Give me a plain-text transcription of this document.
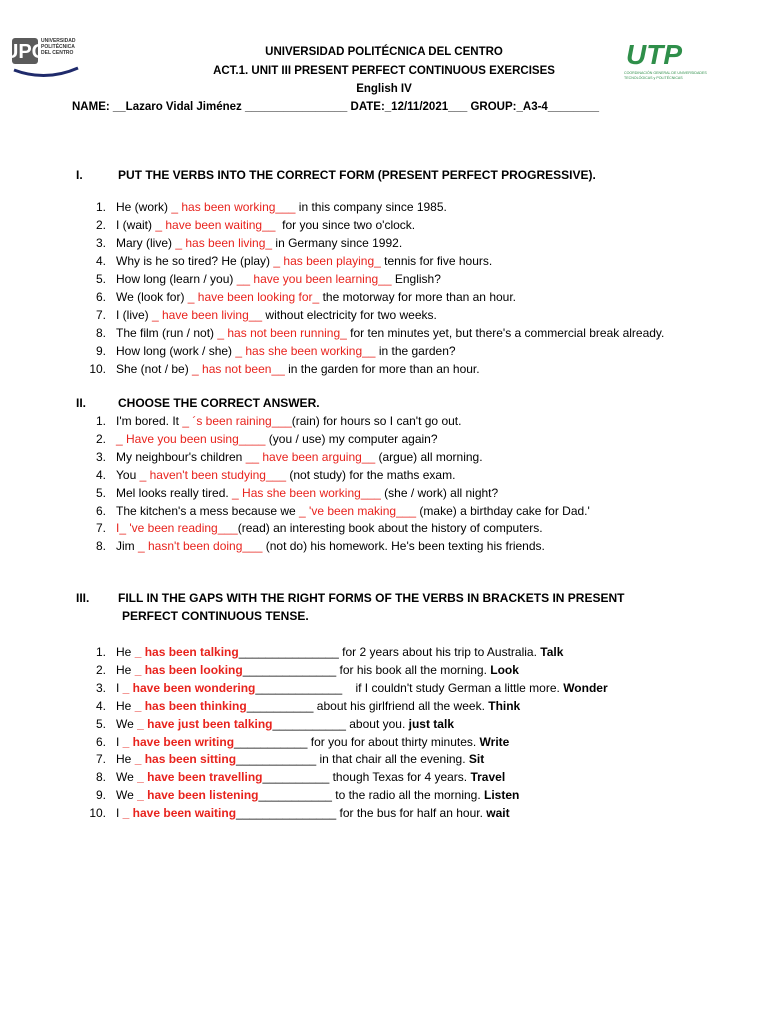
UPC
UNIVERSIDAD
POLITÉCNICA
DEL CENTRO	UTP
COORDINACIÓN GENERAL DE UNIVERSIDADES
TECNOLÓGICAS y POLITÉCNICAS
UNIVERSIDAD POLITÉCNICA DEL CENTRO
ACT.1. UNIT III PRESENT PERFECT CONTINUOUS EXERCISES
English IV
NAME: __Lazaro Vidal Jiménez ________________ DATE:_12/11/2021___ GROUP:_A3-4________
I.	PUT THE VERBS INTO THE CORRECT FORM (PRESENT PERFECT PROGRESSIVE).
1. He (work) _ has been working___ in this company since 1985.
2. I (wait) _ have been waiting__  for you since two o'clock.
3. Mary (live) _ has been living_ in Germany since 1992.
4. Why is he so tired? He (play) _ has been playing_ tennis for five hours.
5. How long (learn / you) __ have you been learning__ English?
6. We (look for) _ have been looking for_ the motorway for more than an hour.
7. I (live) _ have been living__ without electricity for two weeks.
8. The film (run / not) _ has not been running_ for ten minutes yet, but there's a commercial break already.
9. How long (work / she) _ has she been working__ in the garden?
10. She (not / be) _ has not been__ in the garden for more than an hour.
II.	CHOOSE THE CORRECT ANSWER.
1. I'm bored. It _ ´s been raining___(rain) for hours so I can't go out.
2. _ Have you been using____ (you / use) my computer again?
3. My neighbour's children __ have been arguing__ (argue) all morning.
4. You _ haven't been studying___ (not study) for the maths exam.
5. Mel looks really tired. _ Has she been working___ (she / work) all night?
6. The kitchen's a mess because we _ 've been making___ (make) a birthday cake for Dad.'
7. I_ 've been reading___(read) an interesting book about the history of computers.
8. Jim _ hasn't been doing___ (not do) his homework. He's been texting his friends.
III. FILL IN THE GAPS WITH THE RIGHT FORMS OF THE VERBS IN BRACKETS IN PRESENT
PERFECT CONTINUOUS TENSE.
1. He _ has been talking_______________ for 2 years about his trip to Australia. Talk
2. He _ has been looking______________ for his book all the morning. Look
3. I _ have been wondering_____________    if I couldn't study German a little more. Wonder
4. He _ has been thinking__________ about his girlfriend all the week. Think
5. We _ have just been talking___________ about you. just talk
6. I _ have been writing___________ for you for about thirty minutes. Write
7. He _ has been sitting____________ in that chair all the evening. Sit
8. We _ have been travelling__________ though Texas for 4 years. Travel
9. We _ have been listening___________ to the radio all the morning. Listen
10. I _ have been waiting_______________ for the bus for half an hour. wait
